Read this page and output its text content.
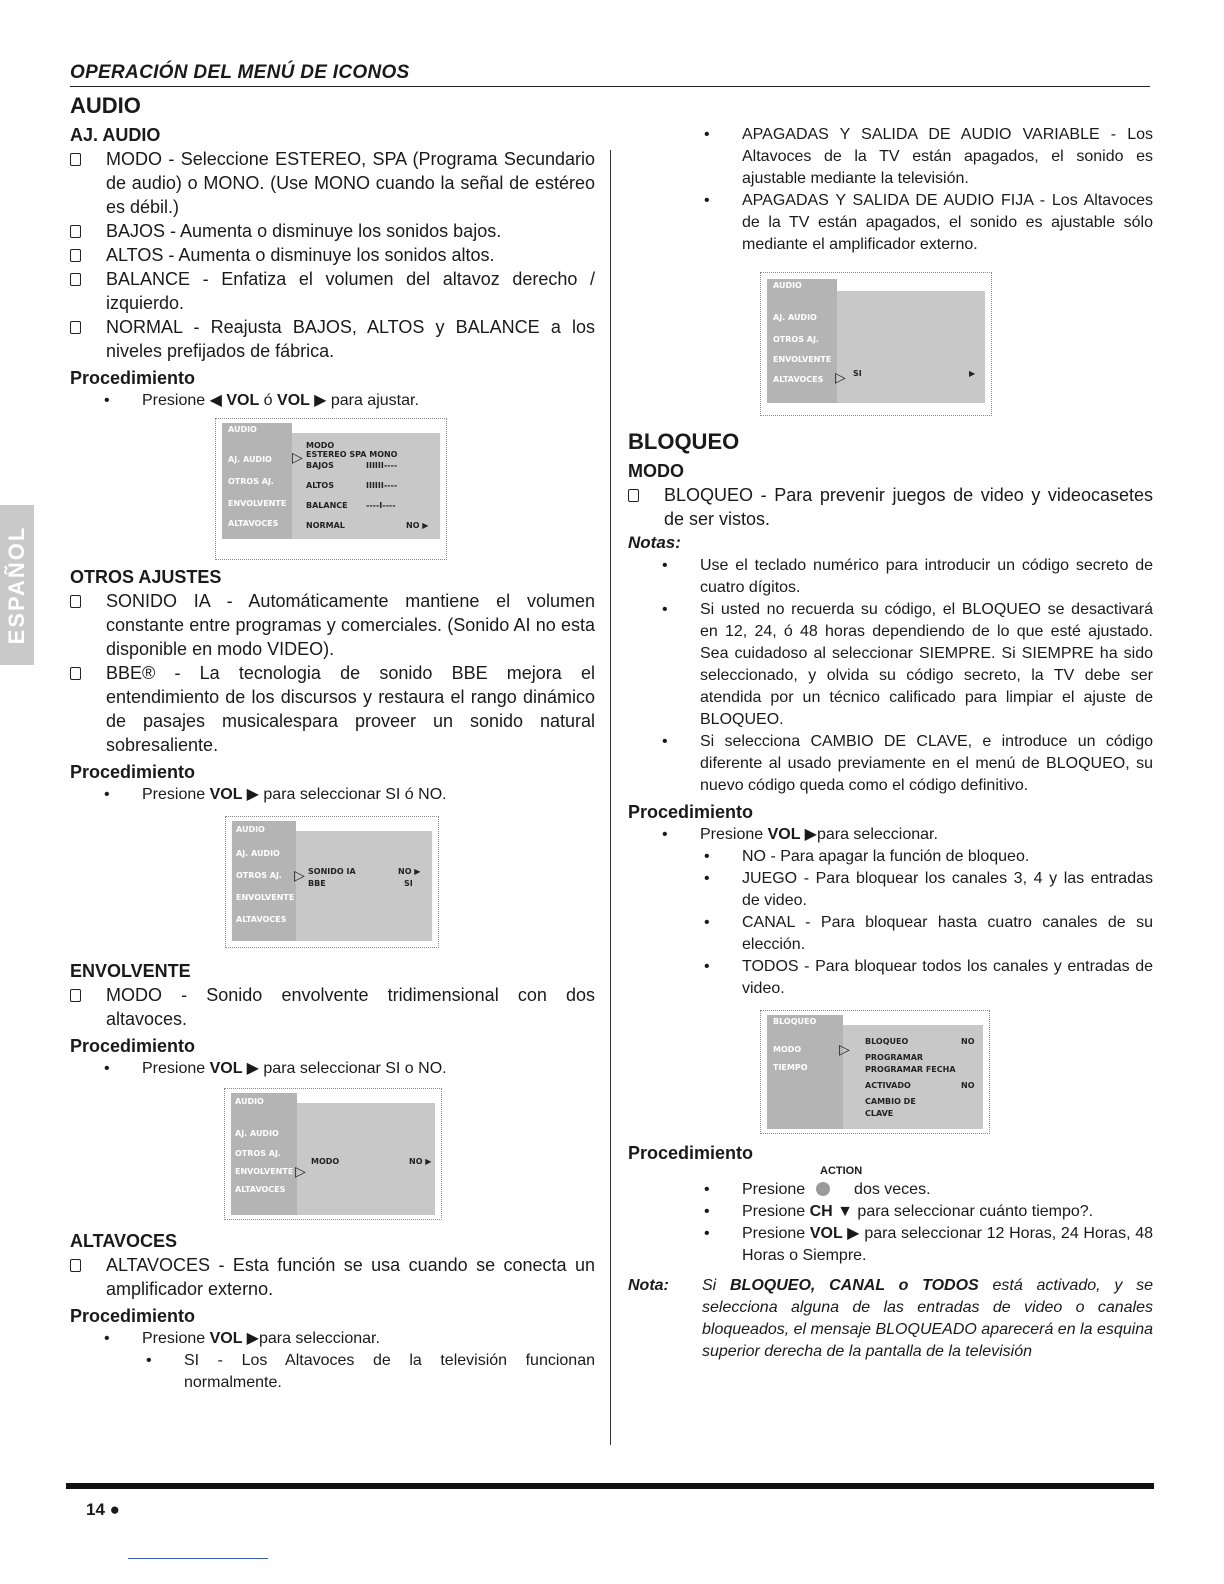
OPERACIÓN DEL MENÚ DE ICONOS
ESPAÑOL
AUDIO
AJ. AUDIO
MODO - Seleccione ESTEREO, SPA (Programa Secundario de audio) o MONO. (Use MONO cuando la señal de estéreo es débil.)
BAJOS - Aumenta o disminuye los sonidos bajos.
ALTOS - Aumenta o disminuye los sonidos altos.
BALANCE - Enfatiza el volumen del altavoz derecho / izquierdo.
NORMAL - Reajusta BAJOS, ALTOS y BALANCE a los niveles prefijados de fábrica.
Procedimiento
• Presione ◀ VOL ó VOL ▶ para ajustar.
AUDIO
AJ. AUDIO
OTROS AJ.
ENVOLVENTE
ALTAVOCES
▷
MODO
ESTEREO SPA MONO
BAJOS	IIIIII----
ALTOS	IIIIII----
BALANCE ----I----
NORMAL	NO ▶
OTROS AJUSTES
SONIDO IA - Automáticamente mantiene el volumen constante entre programas y comerciales. (Sonido AI no esta disponible en modo VIDEO).
BBE® - La tecnologia de sonido BBE mejora el entendimiento de los discursos y restaura el rango dinámico de pasajes musicalespara proveer un sonido natural sobresaliente.
Procedimiento
• Presione VOL ▶ para seleccionar SI ó NO.
AUDIO
AJ. AUDIO
OTROS AJ.
ENVOLVENTE
ALTAVOCES
▷ SONIDO IA	NO ▶
BBE	SI
ENVOLVENTE
MODO - Sonido envolvente tridimensional con dos altavoces.
Procedimiento
• Presione VOL ▶ para seleccionar SI o NO.
AUDIO
AJ. AUDIO
OTROS AJ.
ENVOLVENTE
ALTAVOCES
▷
MODO	NO ▶
ALTAVOCES
ALTAVOCES - Esta función se usa cuando se conecta un amplificador externo.
Procedimiento
• Presione VOL ▶para seleccionar.
• SI - Los Altavoces de la televisión funcionan normalmente.
• APAGADAS Y SALIDA DE AUDIO VARIABLE - Los Altavoces de la TV están apagados, el sonido es ajustable mediante la televisión.
• APAGADAS Y SALIDA DE AUDIO FIJA - Los Altavoces de la TV están apagados, el sonido es ajustable sólo mediante el amplificador externo.
AUDIO
AJ. AUDIO
OTROS AJ.
ENVOLVENTE
ALTAVOCES ▷ SI	▶
BLOQUEO
MODO
BLOQUEO - Para prevenir juegos de video y videocasetes de ser vistos.
Notas:
• Use el teclado numérico para introducir un código secreto de cuatro dígitos.
• Si usted no recuerda su código, el BLOQUEO se desactivará en 12, 24, ó 48 horas dependiendo de lo que esté ajustado. Sea cuidadoso al seleccionar SIEMPRE. Si SIEMPRE ha sido seleccionado, y olvida su código secreto, la TV debe ser atendida por un técnico calificado para limpiar el ajuste de BLOQUEO.
• Si selecciona CAMBIO DE CLAVE, e introduce un código diferente al usado previamente en el menú de BLOQUEO, su nuevo código queda como el código definitivo.
Procedimiento
• Presione VOL ▶para seleccionar.
• NO - Para apagar la función de bloqueo.
• JUEGO - Para bloquear los canales 3, 4 y las entradas de video.
• CANAL - Para bloquear hasta cuatro canales de su elección.
• TODOS - Para bloquear todos los canales y entradas de video.
BLOQUEO
MODO
TIEMPO
▷ BLOQUEO	NO
PROGRAMAR
PROGRAMAR FECHA
ACTIVADO	NO
CAMBIO DE
CLAVE
Procedimiento
ACTION
• Presione	dos veces.
• Presione CH ▼ para seleccionar cuánto tiempo?.
• Presione VOL ▶ para seleccionar 12 Horas, 24 Horas, 48 Horas o Siempre.
Nota: Si BLOQUEO, CANAL o TODOS está activado, y se selecciona alguna de las entradas de video o canales bloqueados, el mensaje BLOQUEADO aparecerá en la esquina superior derecha de la pantalla de la televisión
14 ●
